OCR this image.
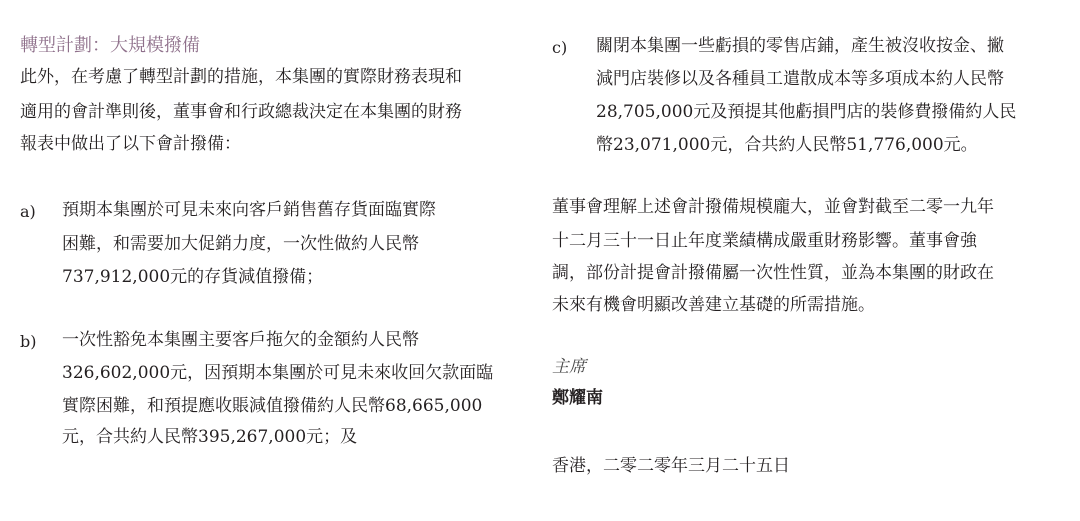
轉型計劃：大規模撥備
此外，在考慮了轉型計劃的措施，本集團的實際財務表現和
適用的會計準則後，董事會和行政總裁決定在本集團的財務
報表中做出了以下會計撥備：
a) 預期本集團於可見未來向客戶銷售舊存貨面臨實際
困難，和需要加大促銷力度，一次性做約人民幣
737,912,000元的存貨減值撥備；
b) 一次性豁免本集團主要客戶拖欠的金額約人民幣
326,602,000元，因預期本集團於可見未來收回欠款面臨
實際困難，和預提應收賬減值撥備約人民幣68,665,000
元，合共約人民幣395,267,000元；及
c) 關閉本集團一些虧損的零售店鋪，產生被沒收按金、撇
減門店裝修以及各種員工遣散成本等多項成本約人民幣
28,705,000元及預提其他虧損門店的裝修費撥備約人民
幣23,071,000元，合共約人民幣51,776,000元。
董事會理解上述會計撥備規模龐大，並會對截至二零一九年
十二月三十一日止年度業績構成嚴重財務影響。董事會強
調，部份計提會計撥備屬一次性性質，並為本集團的財政在
未來有機會明顯改善建立基礎的所需措施。
主席
鄭耀南
香港，二零二零年三月二十五日
